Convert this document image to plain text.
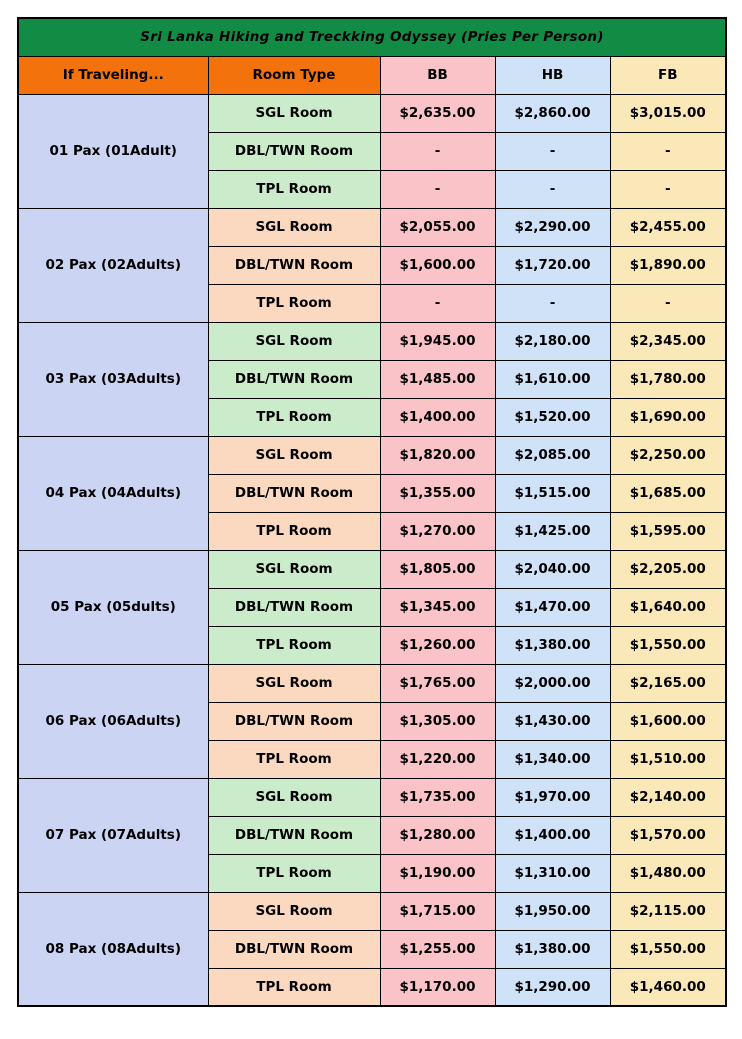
Sri Lanka Hiking and Treckking Odyssey (Pries Per Person)				
If Traveling...	Room Type	BB	HB	FB
01 Pax (01Adult)	SGL Room	$2,635.00	$2,860.00	$3,015.00
	DBL/TWN Room	-	-	-
	TPL Room	-	-	-
02 Pax (02Adults)	SGL Room	$2,055.00	$2,290.00	$2,455.00
	DBL/TWN Room	$1,600.00	$1,720.00	$1,890.00
	TPL Room	-	-	-
03 Pax (03Adults)	SGL Room	$1,945.00	$2,180.00	$2,345.00
	DBL/TWN Room	$1,485.00	$1,610.00	$1,780.00
	TPL Room	$1,400.00	$1,520.00	$1,690.00
04 Pax (04Adults)	SGL Room	$1,820.00	$2,085.00	$2,250.00
	DBL/TWN Room	$1,355.00	$1,515.00	$1,685.00
	TPL Room	$1,270.00	$1,425.00	$1,595.00
05 Pax (05dults)	SGL Room	$1,805.00	$2,040.00	$2,205.00
	DBL/TWN Room	$1,345.00	$1,470.00	$1,640.00
	TPL Room	$1,260.00	$1,380.00	$1,550.00
06 Pax (06Adults)	SGL Room	$1,765.00	$2,000.00	$2,165.00
	DBL/TWN Room	$1,305.00	$1,430.00	$1,600.00
	TPL Room	$1,220.00	$1,340.00	$1,510.00
07 Pax (07Adults)	SGL Room	$1,735.00	$1,970.00	$2,140.00
	DBL/TWN Room	$1,280.00	$1,400.00	$1,570.00
	TPL Room	$1,190.00	$1,310.00	$1,480.00
08 Pax (08Adults)	SGL Room	$1,715.00	$1,950.00	$2,115.00
	DBL/TWN Room	$1,255.00	$1,380.00	$1,550.00
	TPL Room	$1,170.00	$1,290.00	$1,460.00
